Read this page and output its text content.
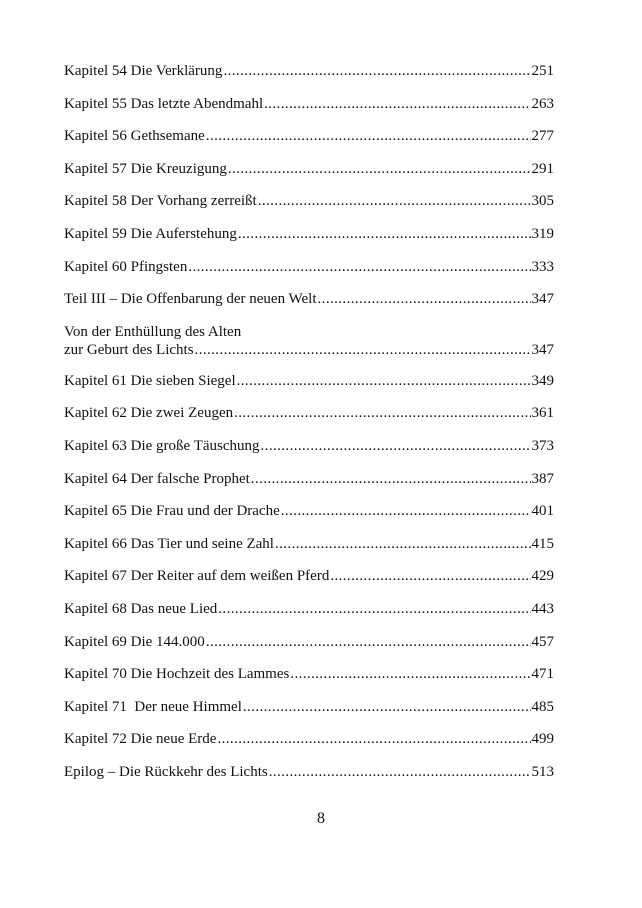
Kapitel 54 Die Verklärung .....	251
Kapitel 55 Das letzte Abendmahl .....	263
Kapitel 56 Gethsemane .....	277
Kapitel 57 Die Kreuzigung .....	291
Kapitel 58 Der Vorhang zerreißt .....	305
Kapitel 59 Die Auferstehung .....	319
Kapitel 60 Pfingsten .....	333
Teil III – Die Offenbarung der neuen Welt .....	347
Von der Enthüllung des Alten
zur Geburt des Lichts .....	347
Kapitel 61 Die sieben Siegel .....	349
Kapitel 62 Die zwei Zeugen .....	361
Kapitel 63 Die große Täuschung .....	373
Kapitel 64 Der falsche Prophet .....	387
Kapitel 65 Die Frau und der Drache .....	401
Kapitel 66 Das Tier und seine Zahl .....	415
Kapitel 67 Der Reiter auf dem weißen Pferd .....	429
Kapitel 68 Das neue Lied .....	443
Kapitel 69 Die 144.000 .....	457
Kapitel 70 Die Hochzeit des Lammes .....	471
Kapitel 71  Der neue Himmel .....	485
Kapitel 72 Die neue Erde .....	499
Epilog – Die Rückkehr des Lichts .....	513
8
